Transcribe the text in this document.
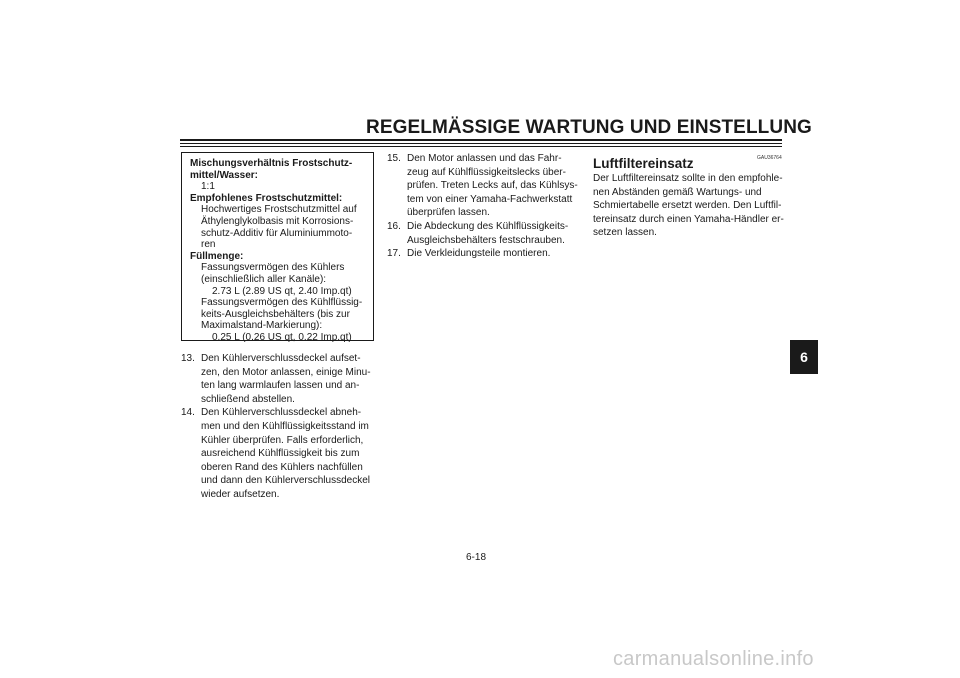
REGELMÄSSIGE WARTUNG UND EINSTELLUNG
Mischungsverhältnis Frostschutz-
mittel/Wasser:
1:1
Empfohlenes Frostschutzmittel:
Hochwertiges Frostschutzmittel auf
Äthylenglykolbasis mit Korrosions-
schutz-Additiv für Aluminiummoto-
ren
Füllmenge:
Fassungsvermögen des Kühlers
(einschließlich aller Kanäle):
2.73 L (2.89 US qt, 2.40 Imp.qt)
Fassungsvermögen des Kühlflüssig-
keits-Ausgleichsbehälters (bis zur
Maximalstand-Markierung):
0.25 L (0.26 US qt, 0.22 Imp.qt)
13. Den Kühlerverschlussdeckel aufset-
zen, den Motor anlassen, einige Minu-
ten lang warmlaufen lassen und an-
schließend abstellen.
14. Den Kühlerverschlussdeckel abneh-
men und den Kühlflüssigkeitsstand im
Kühler überprüfen. Falls erforderlich,
ausreichend Kühlflüssigkeit bis zum
oberen Rand des Kühlers nachfüllen
und dann den Kühlerverschlussdeckel
wieder aufsetzen.
15. Den Motor anlassen und das Fahr-
zeug auf Kühlflüssigkeitslecks über-
prüfen. Treten Lecks auf, das Kühlsys-
tem von einer Yamaha-Fachwerkstatt
überprüfen lassen.
16. Die Abdeckung des Kühlflüssigkeits-
Ausgleichsbehälters festschrauben.
17. Die Verkleidungsteile montieren.
GAU36764
Luftfiltereinsatz
Der Luftfiltereinsatz sollte in den empfohle-
nen Abständen gemäß Wartungs- und
Schmiertabelle ersetzt werden. Den Luftfil-
tereinsatz durch einen Yamaha-Händler er-
setzen lassen.
6
6-18
carmanualsonline.info
